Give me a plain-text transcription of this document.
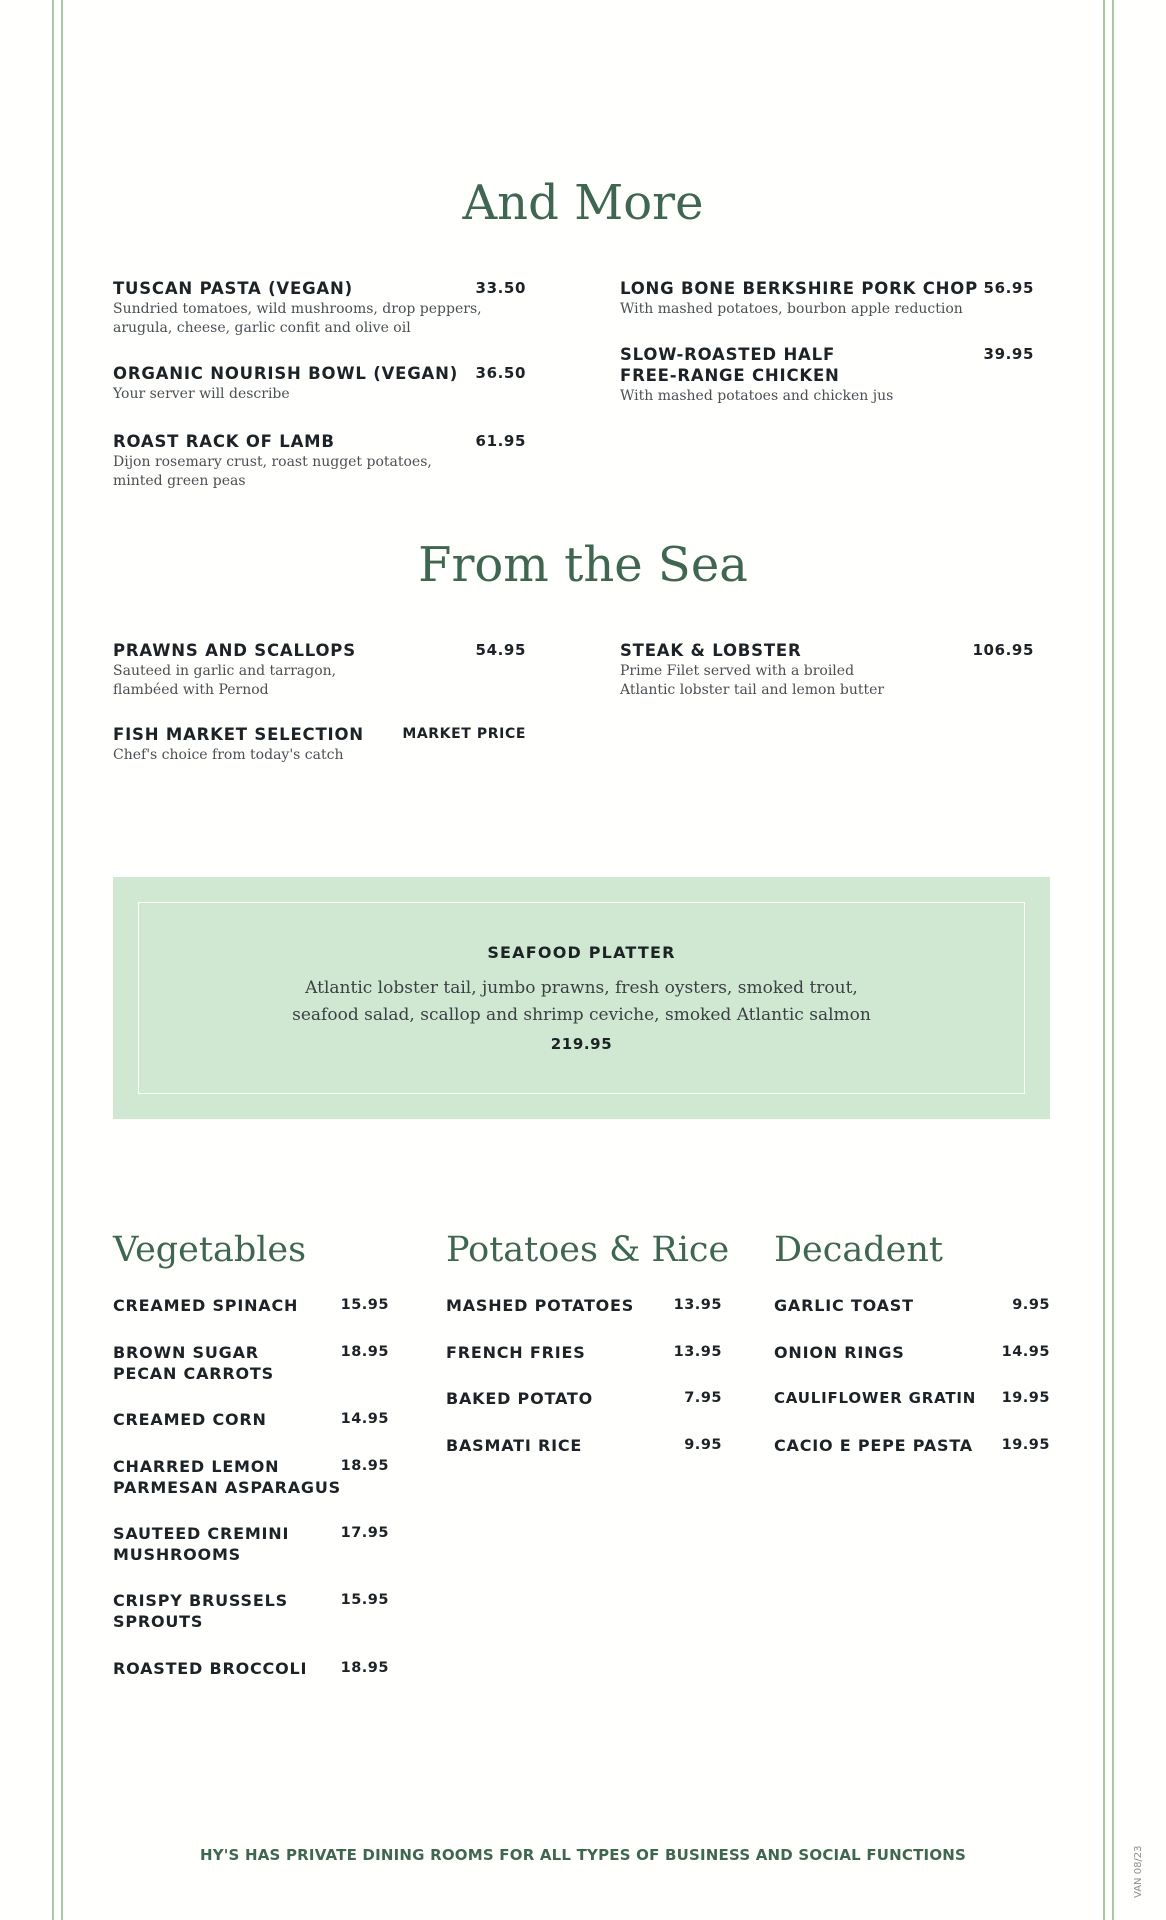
And More
TUSCAN PASTA (VEGAN)	33.50
Sundried tomatoes, wild mushrooms, drop peppers,
arugula, cheese, garlic confit and olive oil
ORGANIC NOURISH BOWL (VEGAN)	36.50
Your server will describe
ROAST RACK OF LAMB	61.95
Dijon rosemary crust, roast nugget potatoes,
minted green peas
LONG BONE BERKSHIRE PORK CHOP 56.95
With mashed potatoes, bourbon apple reduction
SLOW-ROASTED HALF
FREE-RANGE CHICKEN
39.95
With mashed potatoes and chicken jus
From the Sea
PRAWNS AND SCALLOPS	54.95
Sauteed in garlic and tarragon,
flambéed with Pernod
FISH MARKET SELECTION	MARKET PRICE
Chef's choice from today's catch
STEAK & LOBSTER	106.95
Prime Filet served with a broiled
Atlantic lobster tail and lemon butter
SEAFOOD PLATTER
Atlantic lobster tail, jumbo prawns, fresh oysters, smoked trout,
seafood salad, scallop and shrimp ceviche, smoked Atlantic salmon
219.95
Vegetables	Potatoes & Rice Decadent
CREAMED SPINACH	15.95
BROWN SUGAR
PECAN CARROTS
18.95
CREAMED CORN	14.95
CHARRED LEMON
PARMESAN ASPARAGUS
18.95
SAUTEED CREMINI
MUSHROOMS
17.95
CRISPY BRUSSELS
SPROUTS
15.95
ROASTED BROCCOLI	18.95
MASHED POTATOES	13.95
FRENCH FRIES	13.95
BAKED POTATO	7.95
BASMATI RICE	9.95
GARLIC TOAST	9.95
ONION RINGS	14.95
CAULIFLOWER GRATIN	19.95
CACIO E PEPE PASTA	19.95
HY'S HAS PRIVATE DINING ROOMS FOR ALL TYPES OF BUSINESS AND SOCIAL FUNCTIONS	VAN 08/23
